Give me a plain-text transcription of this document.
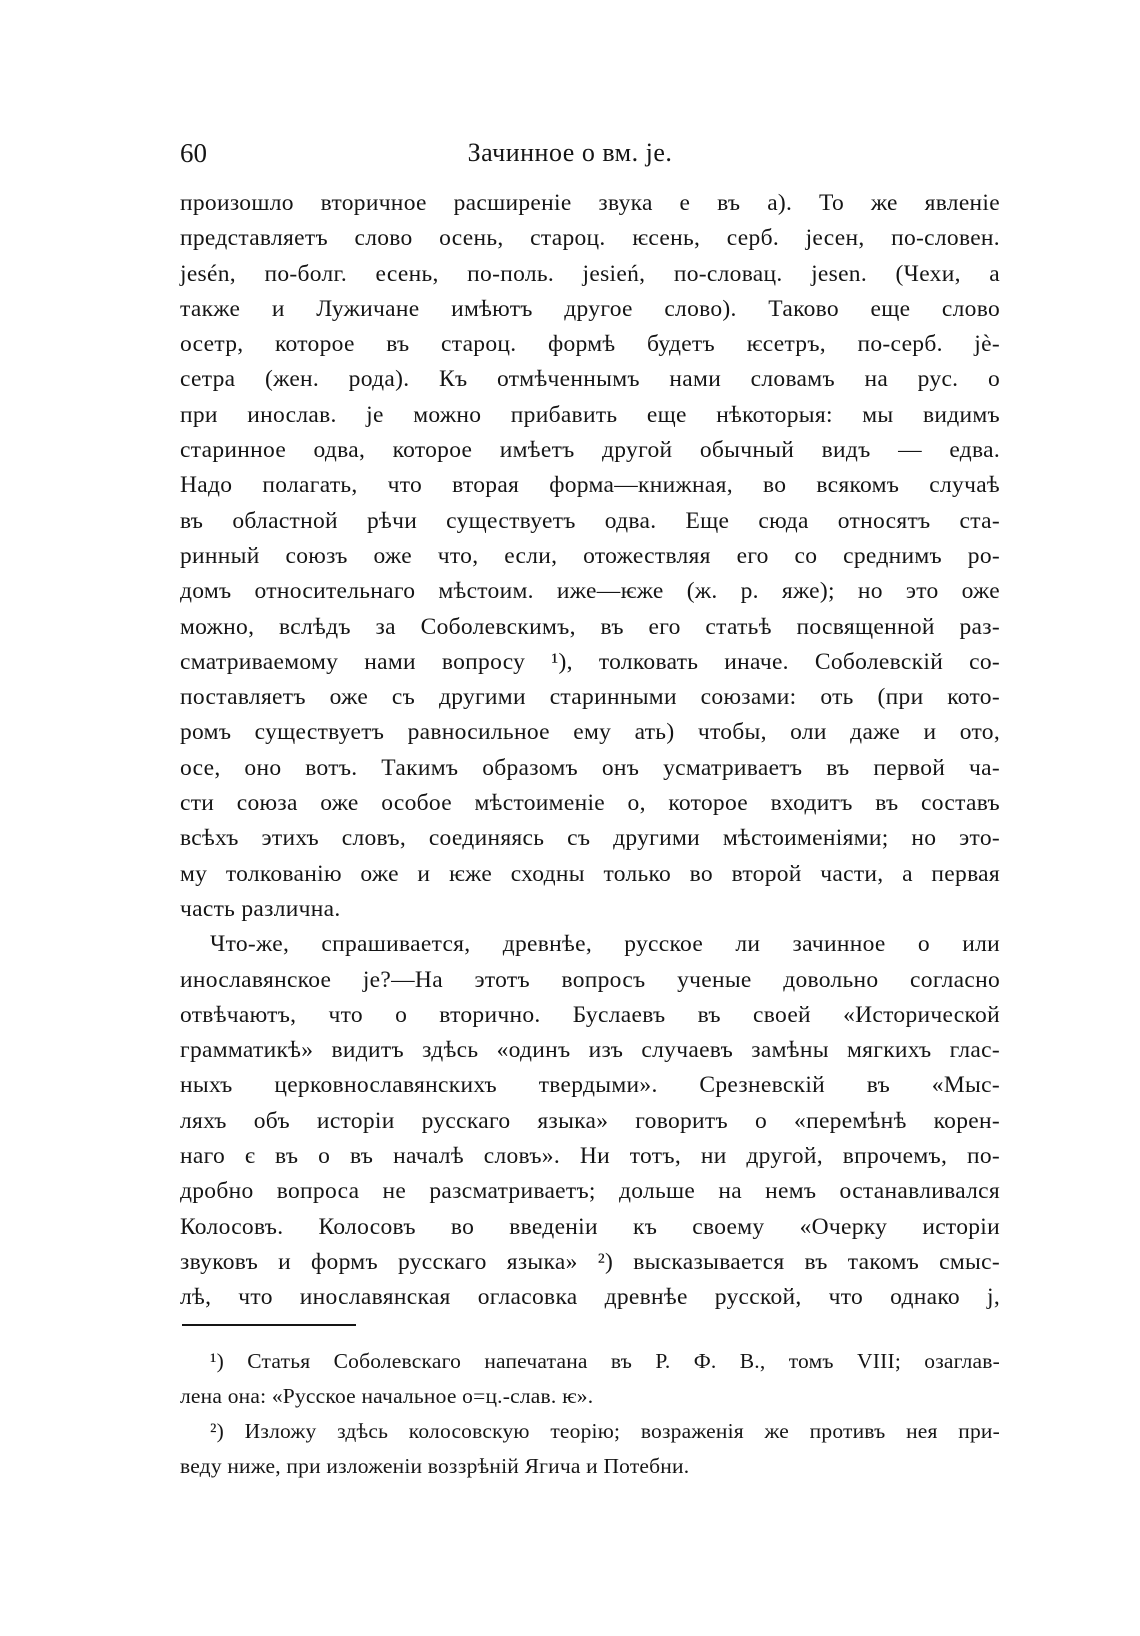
60	Зачинное о вм. je.
произошло вторичное расширеніе звука е въ а). То же явленіе
представляетъ слово осень, староц. ѥсень, серб. јесен, по-словен.
jesén, по-болг. есень, по-поль. jesień, по-словац. jesen. (Чехи, а
также и Лужичане имѣютъ другое слово). Таково еще слово
осетр, которое въ староц. формѣ будетъ ѥсетръ, по-серб. јѐ-
сетра (жен. рода). Къ отмѣченнымъ нами словамъ на рус. о
при инослав. je можно прибавить еще нѣкоторыя: мы видимъ
старинное одва, которое имѣетъ другой обычный видъ — едва.
Надо полагать, что вторая форма—книжная, во всякомъ случаѣ
въ областной рѣчи существуетъ одва. Еще сюда относятъ ста-
ринный союзъ оже что, если, отожествляя его со среднимъ ро-
домъ относительнаго мѣстоим. иже—ѥже (ж. р. яже); но это оже
можно, вслѣдъ за Соболевскимъ, въ его статьѣ посвященной раз-
сматриваемому нами вопросу ¹), толковать иначе. Соболевскій со-
поставляетъ оже съ другими старинными союзами: оть (при кото-
ромъ существуетъ равносильное ему ать) чтобы, оли даже и ото,
осе, оно вотъ. Такимъ образомъ онъ усматриваетъ въ первой ча-
сти союза оже особое мѣстоименіе о, которое входитъ въ составъ
всѣхъ этихъ словъ, соединяясь съ другими мѣстоименіями; но это-
му толкованію оже и ѥже сходны только во второй части, а первая
часть различна.
Что-же, спрашивается, древнѣе, русское ли зачинное о или
инославянское je?—На этотъ вопросъ ученые довольно согласно
отвѣчаютъ, что о вторично. Буслаевъ въ своей «Исторической
грамматикѣ» видитъ здѣсь «одинъ изъ случаевъ замѣны мягкихъ глас-
ныхъ церковнославянскихъ твердыми». Срезневскій въ «Мыс-
ляхъ объ исторіи русскаго языка» говоритъ о «перемѣнѣ корен-
наго є въ о въ началѣ словъ». Ни тотъ, ни другой, впрочемъ, по-
дробно вопроса не разсматриваетъ; дольше на немъ останавливался
Колосовъ. Колосовъ во введеніи къ своему «Очерку исторіи
звуковъ и формъ русскаго языка» ²) высказывается въ такомъ смыс-
лѣ, что инославянская огласовка древнѣе русской, что однако j,
¹) Статья Соболевскаго напечатана въ Р. Ф. В., томъ VIII; озаглав-
лена она: «Русское начальное о=ц.-слав. ѥ».
²) Изложу здѣсь колосовскую теорію; возраженія же противъ нея при-
веду ниже, при изложеніи воззрѣній Ягича и Потебни.
